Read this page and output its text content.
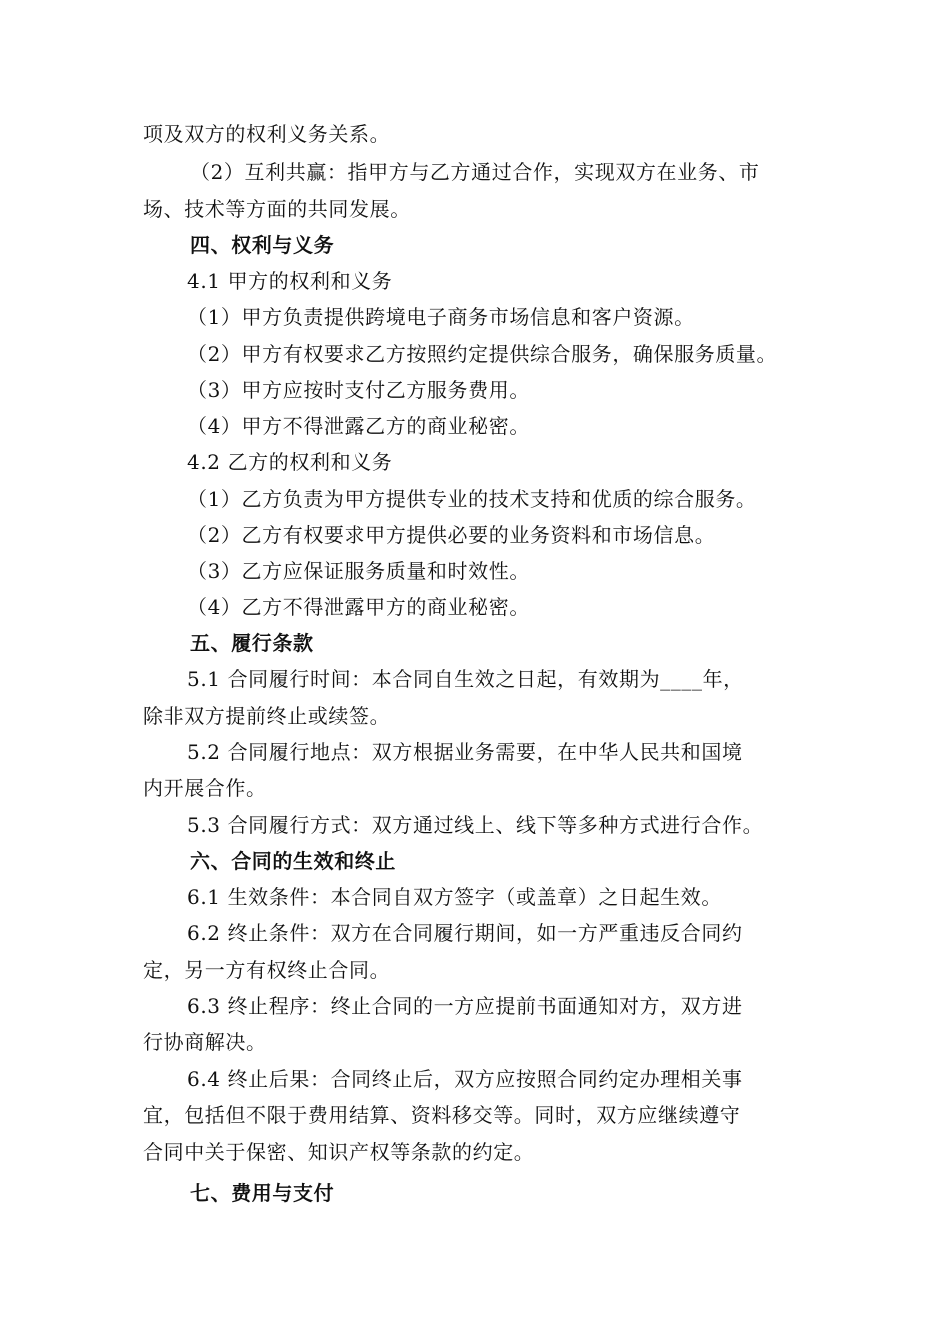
项及双方的权利义务关系。
（2）互利共赢：指甲方与乙方通过合作，实现双方在业务、市
场、技术等方面的共同发展。
四、权利与义务
4.1 甲方的权利和义务
（1）甲方负责提供跨境电子商务市场信息和客户资源。
（2）甲方有权要求乙方按照约定提供综合服务，确保服务质量。
（3）甲方应按时支付乙方服务费用。
（4）甲方不得泄露乙方的商业秘密。
4.2 乙方的权利和义务
（1）乙方负责为甲方提供专业的技术支持和优质的综合服务。
（2）乙方有权要求甲方提供必要的业务资料和市场信息。
（3）乙方应保证服务质量和时效性。
（4）乙方不得泄露甲方的商业秘密。
五、履行条款
5.1 合同履行时间：本合同自生效之日起，有效期为____年，
除非双方提前终止或续签。
5.2 合同履行地点：双方根据业务需要，在中华人民共和国境
内开展合作。
5.3 合同履行方式：双方通过线上、线下等多种方式进行合作。
六、合同的生效和终止
6.1 生效条件：本合同自双方签字（或盖章）之日起生效。
6.2 终止条件：双方在合同履行期间，如一方严重违反合同约
定，另一方有权终止合同。
6.3 终止程序：终止合同的一方应提前书面通知对方，双方进
行协商解决。
6.4 终止后果：合同终止后，双方应按照合同约定办理相关事
宜，包括但不限于费用结算、资料移交等。同时，双方应继续遵守
合同中关于保密、知识产权等条款的约定。
七、费用与支付
